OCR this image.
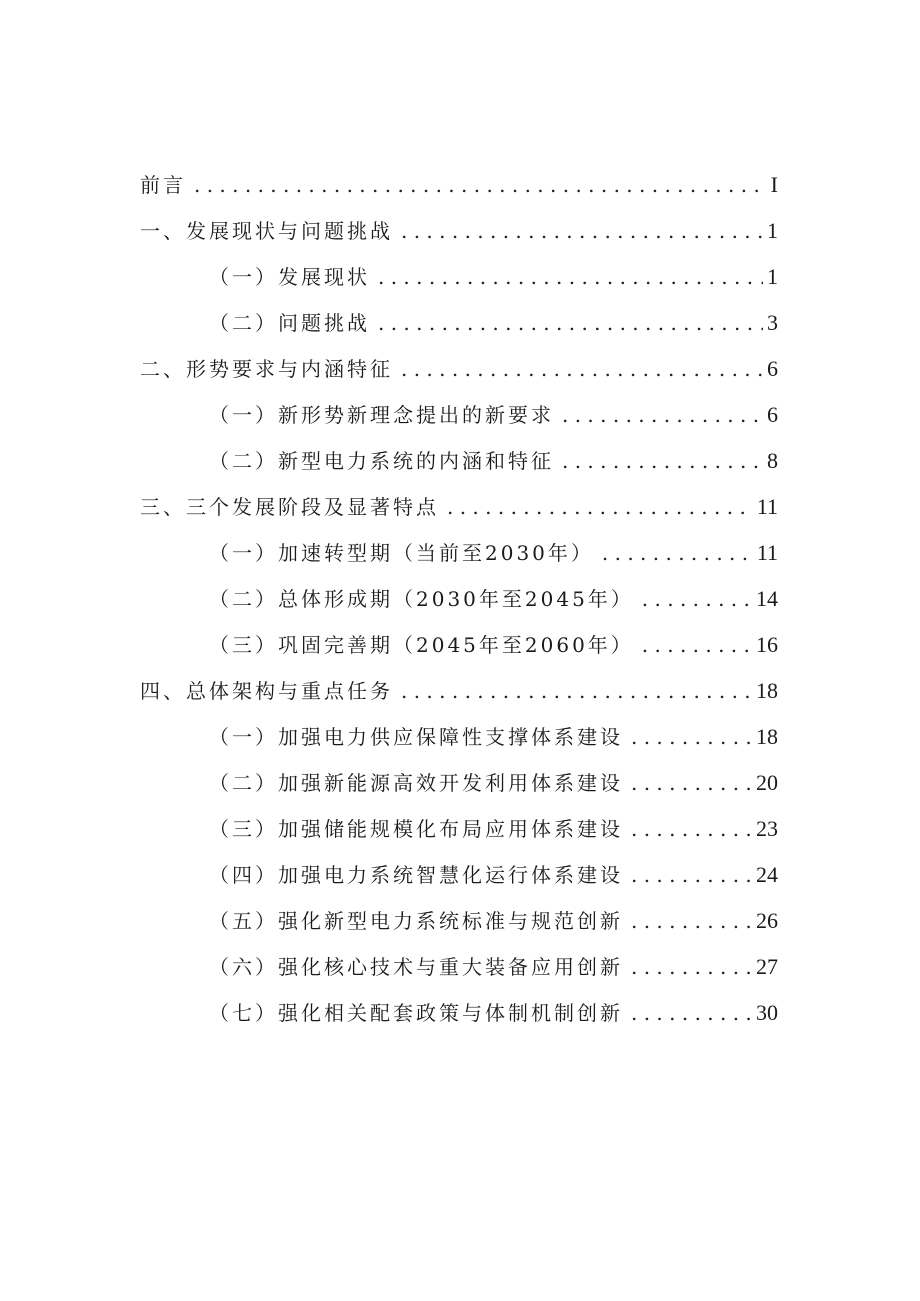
前言 . . .	I
一、发展现状与问题挑战 . . .	1
（一）发展现状 . . .	1
（二）问题挑战 . . .	3
二、形势要求与内涵特征 . . .	6
（一）新形势新理念提出的新要求 . . .	6
（二）新型电力系统的内涵和特征 . . .	8
三、三个发展阶段及显著特点 . . .	11
（一）加速转型期（当前至2030年） . . .	11
（二）总体形成期（2030年至2045年） . . .	14
（三）巩固完善期（2045年至2060年） . . .	16
四、总体架构与重点任务 . . .	18
（一）加强电力供应保障性支撑体系建设 . . .	18
（二）加强新能源高效开发利用体系建设 . . .	20
（三）加强储能规模化布局应用体系建设 . . .	23
（四）加强电力系统智慧化运行体系建设 . . .	24
（五）强化新型电力系统标准与规范创新 . . .	26
（六）强化核心技术与重大装备应用创新 . . .	27
（七）强化相关配套政策与体制机制创新 . . .	30
